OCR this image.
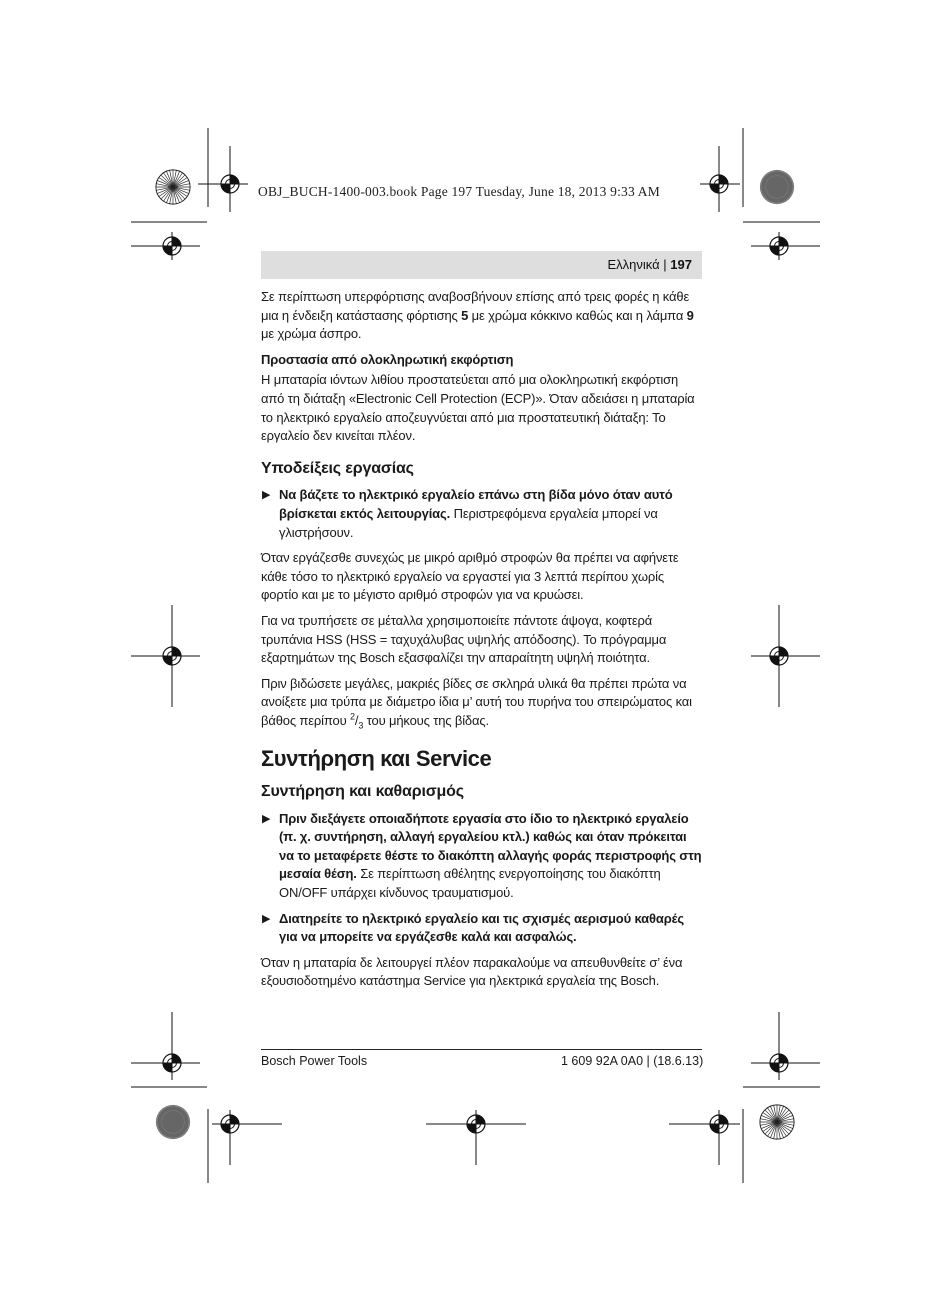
OBJ_BUCH-1400-003.book Page 197 Tuesday, June 18, 2013 9:33 AM
Ελληνικά | 197

Σε περίπτωση υπερφόρτισης αναβοσβήνουν επίσης από τρεις φορές η κάθε μια η ένδειξη κατάστασης φόρτισης 5 με χρώμα κόκκινο καθώς και η λάμπα 9 με χρώμα άσπρο.

Προστασία από ολοκληρωτική εκφόρτιση

Η μπαταρία ιόντων λιθίου προστατεύεται από μια ολοκληρωτική εκφόρτιση από τη διάταξη «Electronic Cell Protection (ECP)». Όταν αδειάσει η μπαταρία το ηλεκτρικό εργαλείο αποζευγνύεται από μια προστατευτική διάταξη: Το εργαλείο δεν κινείται πλέον.

Υποδείξεις εργασίας
▶ Να βάζετε το ηλεκτρικό εργαλείο επάνω στη βίδα μόνο όταν αυτό βρίσκεται εκτός λειτουργίας. Περιστρεφόμενα εργαλεία μπορεί να γλιστρήσουν.

Όταν εργάζεσθε συνεχώς με μικρό αριθμό στροφών θα πρέπει να αφήνετε κάθε τόσο το ηλεκτρικό εργαλείο να εργαστεί για 3 λεπτά περίπου χωρίς φορτίο και με το μέγιστο αριθμό στροφών για να κρυώσει.

Για να τρυπήσετε σε μέταλλα χρησιμοποιείτε πάντοτε άψογα, κοφτερά τρυπάνια HSS (HSS = ταχυχάλυβας υψηλής απόδοσης). Το πρόγραμμα εξαρτημάτων της Bosch εξασφαλίζει την απαραίτητη υψηλή ποιότητα.

Πριν βιδώσετε μεγάλες, μακριές βίδες σε σκληρά υλικά θα πρέπει πρώτα να ανοίξετε μια τρύπα με διάμετρο ίδια μ’ αυτή του πυρήνα του σπειρώματος και βάθος περίπου $^2/_3$ του μήκους της βίδας.

Συντήρηση και Service
Συντήρηση και καθαρισμός
▶ Πριν διεξάγετε οποιαδήποτε εργασία στο ίδιο το ηλεκτρικό εργαλείο (π. χ. συντήρηση, αλλαγή εργαλείου κτλ.) καθώς και όταν πρόκειται να το μεταφέρετε θέστε το διακόπτη αλλαγής φοράς περιστροφής στη μεσαία θέση. Σε περίπτωση αθέλητης ενεργοποίησης του διακόπτη ON/OFF υπάρχει κίνδυνος τραυματισμού.
▶ Διατηρείτε το ηλεκτρικό εργαλείο και τις σχισμές αερισμού καθαρές για να μπορείτε να εργάζεσθε καλά και ασφαλώς.

Όταν η μπαταρία δε λειτουργεί πλέον παρακαλούμε να απευθυνθείτε σ’ ένα εξουσιοδοτημένο κατάστημα Service για ηλεκτρικά εργαλεία της Bosch.

Bosch Power Tools	1 609 92A 0A0 | (18.6.13)
